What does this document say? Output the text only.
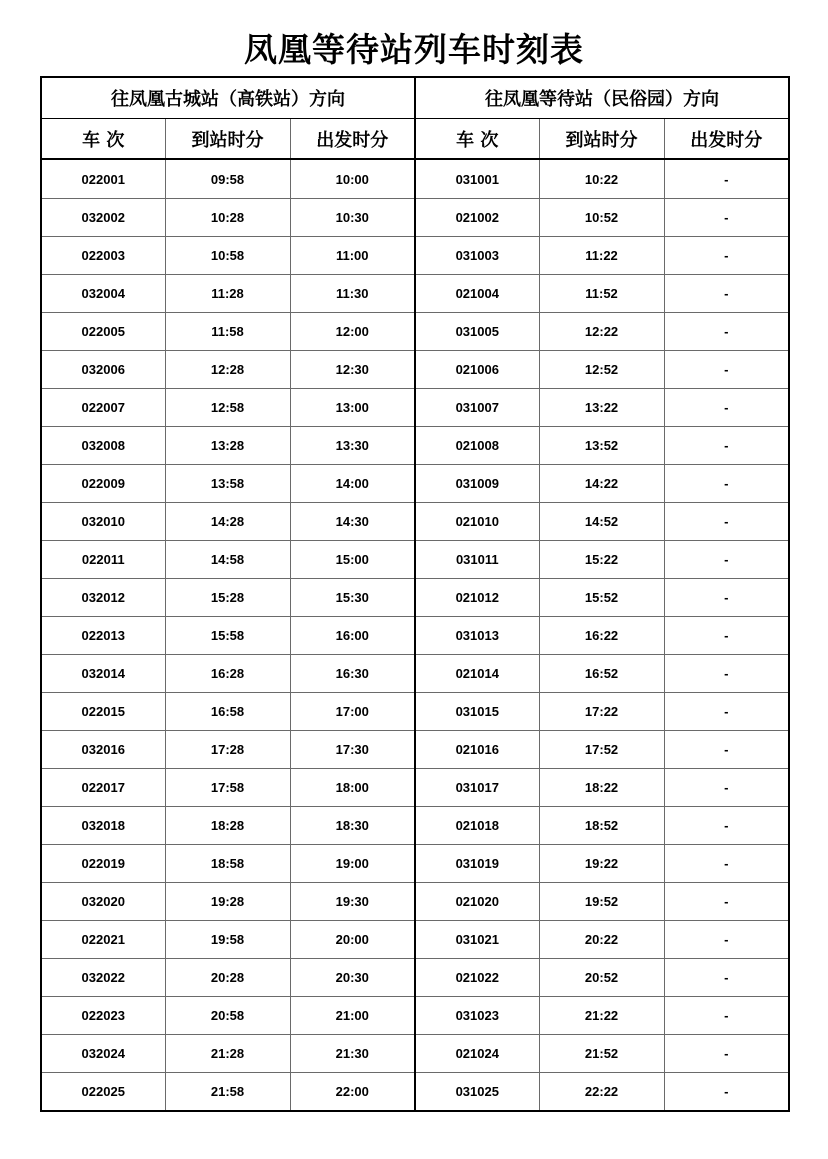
凤凰等待站列车时刻表
往凤凰古城站（高铁站）方向			往凤凰等待站（民俗园）方向		
车 次	到站时分	出发时分	车 次	到站时分	出发时分
022001	09:58	10:00	031001	10:22	-
032002	10:28	10:30	021002	10:52	-
022003	10:58	11:00	031003	11:22	-
032004	11:28	11:30	021004	11:52	-
022005	11:58	12:00	031005	12:22	-
032006	12:28	12:30	021006	12:52	-
022007	12:58	13:00	031007	13:22	-
032008	13:28	13:30	021008	13:52	-
022009	13:58	14:00	031009	14:22	-
032010	14:28	14:30	021010	14:52	-
022011	14:58	15:00	031011	15:22	-
032012	15:28	15:30	021012	15:52	-
022013	15:58	16:00	031013	16:22	-
032014	16:28	16:30	021014	16:52	-
022015	16:58	17:00	031015	17:22	-
032016	17:28	17:30	021016	17:52	-
022017	17:58	18:00	031017	18:22	-
032018	18:28	18:30	021018	18:52	-
022019	18:58	19:00	031019	19:22	-
032020	19:28	19:30	021020	19:52	-
022021	19:58	20:00	031021	20:22	-
032022	20:28	20:30	021022	20:52	-
022023	20:58	21:00	031023	21:22	-
032024	21:28	21:30	021024	21:52	-
022025	21:58	22:00	031025	22:22	-
